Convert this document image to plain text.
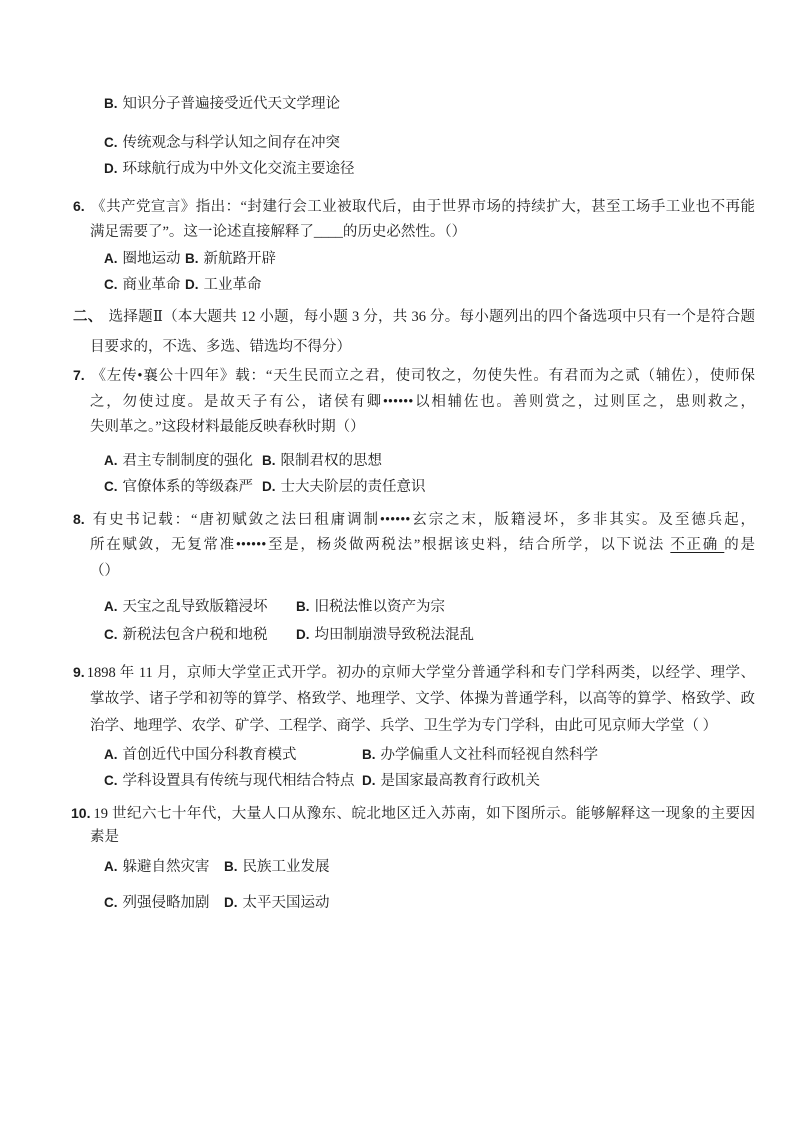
B. 知识分子普遍接受近代天文学理论
C. 传统观念与科学认知之间存在冲突
D. 环球航行成为中外文化交流主要途径
6. 《共产党宣言》指出：“封建行会工业被取代后，由于世界市场的持续扩大，甚至工场手工业也不再能
满足需要了”。这一论述直接解释了____的历史必然性。（）
A. 圈地运动 B. 新航路开辟
C. 商业革命 D. 工业革命
二、 选择题Ⅱ（本大题共 12 小题，每小题 3 分，共 36 分。每小题列出的四个备选项中只有一个是符合题
目要求的，不选、多选、错选均不得分）
7. 《左传•襄公十四年》载：“天生民而立之君，使司牧之，勿使失性。有君而为之贰（辅佐），使师保
之，勿使过度。是故天子有公，诸侯有卿••••••以相辅佐也。善则赏之，过则匡之，患则救之，
失则革之。”这段材料最能反映春秋时期（）
A. 君主专制制度的强化 B. 限制君权的思想
C. 官僚体系的等级森严 D. 士大夫阶层的责任意识
8. 有史书记载：“唐初赋敛之法曰租庸调制••••••玄宗之末，版籍浸坏，多非其实。及至德兵起，
所在赋敛，无复常准••••••至是，杨炎做两税法”根据该史料，结合所学，以下说法 不正确 的是
（）
A. 天宝之乱导致版籍浸坏 B. 旧税法惟以资产为宗
C. 新税法包含户税和地税 D. 均田制崩溃导致税法混乱
9. 1898 年 11 月，京师大学堂正式开学。初办的京师大学堂分普通学科和专门学科两类，以经学、理学、
掌故学、诸子学和初等的算学、格致学、地理学、文学、体操为普通学科，以高等的算学、格致学、政
治学、地理学、农学、矿学、工程学、商学、兵学、卫生学为专门学科，由此可见京师大学堂（ ）
A. 首创近代中国分科教育模式	B. 办学偏重人文社科而轻视自然科学
C. 学科设置具有传统与现代相结合特点 D. 是国家最高教育行政机关
10. 19 世纪六七十年代，大量人口从豫东、皖北地区迁入苏南，如下图所示。能够解释这一现象的主要因
素是
A. 躲避自然灾害 B. 民族工业发展
C. 列强侵略加剧 D. 太平天国运动
